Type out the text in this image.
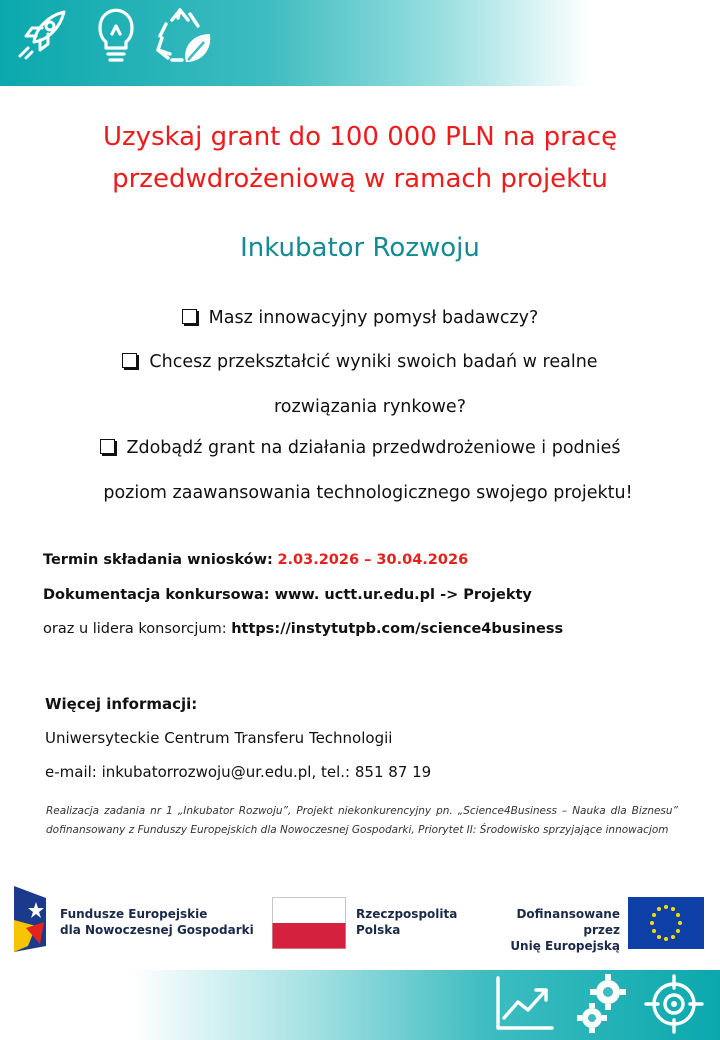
Uzyskaj grant do 100 000 PLN na pracę
przedwdrożeniową w ramach projektu
Inkubator Rozwoju
Masz innowacyjny pomysł badawczy?
Chcesz przekształcić wyniki swoich badań w realne
rozwiązania rynkowe?
Zdobądź grant na działania przedwdrożeniowe i podnieś
poziom zaawansowania technologicznego swojego projektu!
Termin składania wniosków: 2.03.2026 – 30.04.2026
Dokumentacja konkursowa: www. uctt.ur.edu.pl -> Projekty
oraz u lidera konsorcjum: https://instytutpb.com/science4business
Więcej informacji:
Uniwersyteckie Centrum Transferu Technologii
e-mail: inkubatorrozwoju@ur.edu.pl, tel.: 851 87 19
Realizacja zadania nr 1 „Inkubator Rozwoju”, Projekt niekonkurencyjny pn. „Science4Business – Nauka dla Biznesu” dofinansowany z Funduszy Europejskich dla Nowoczesnej Gospodarki, Priorytet II: Środowisko sprzyjające innowacjom
Fundusze Europejskie
dla Nowoczesnej Gospodarki
Rzeczpospolita
Polska
Dofinansowane przez
Unię Europejską
